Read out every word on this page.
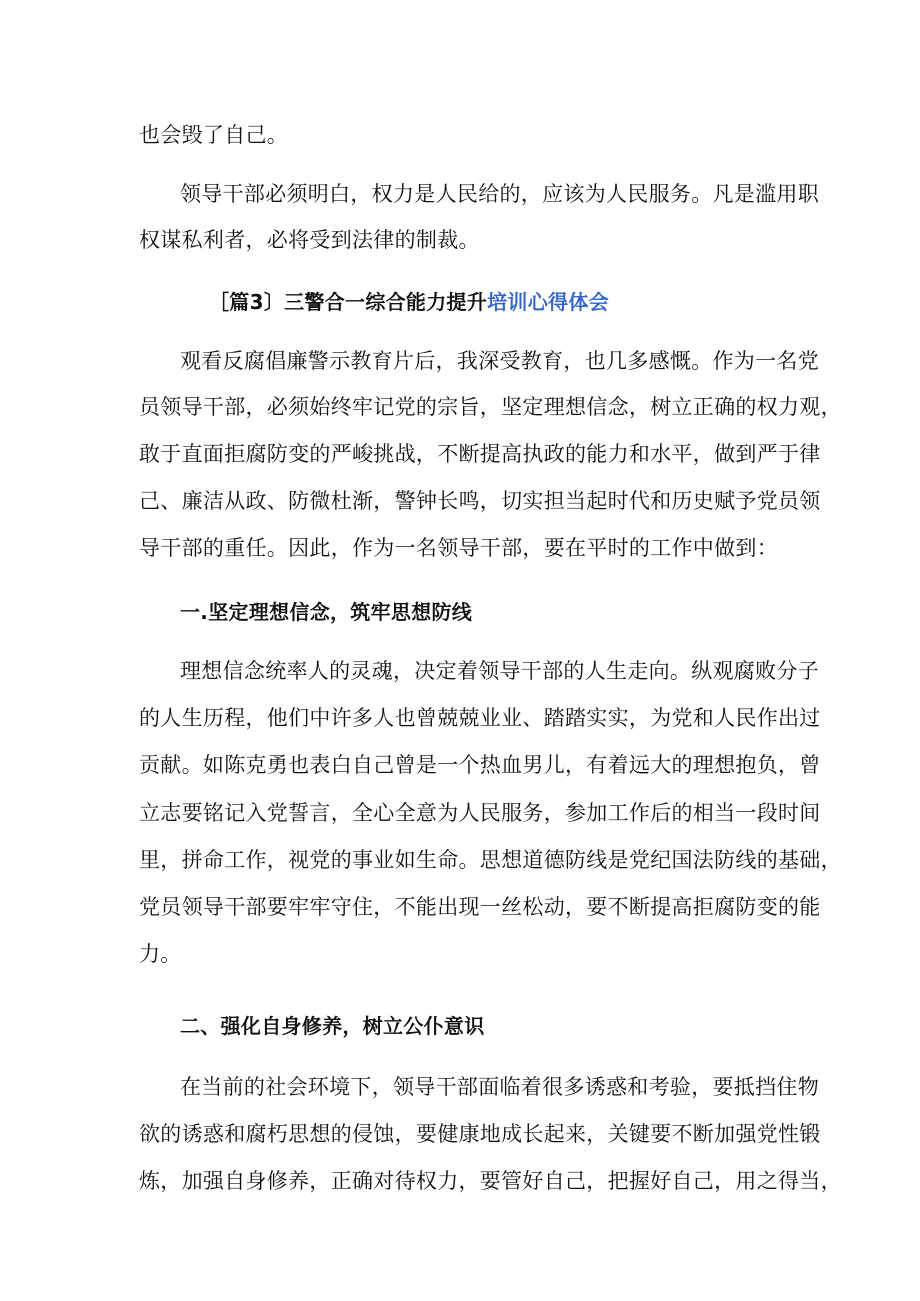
也会毁了自己。
领导干部必须明白，权力是人民给的，应该为人民服务。凡是滥用职
权谋私利者，必将受到法律的制裁。
［篇3〕三警合一综合能力提升培训心得体会
观看反腐倡廉警示教育片后，我深受教育，也几多感慨。作为一名党
员领导干部，必须始终牢记党的宗旨，坚定理想信念，树立正确的权力观，
敢于直面拒腐防变的严峻挑战，不断提高执政的能力和水平，做到严于律
己、廉洁从政、防微杜渐，警钟长鸣，切实担当起时代和历史赋予党员领
导干部的重任。因此，作为一名领导干部，要在平时的工作中做到：
一.坚定理想信念，筑牢思想防线
理想信念统率人的灵魂，决定着领导干部的人生走向。纵观腐败分子
的人生历程，他们中许多人也曾兢兢业业、踏踏实实，为党和人民作出过
贡献。如陈克勇也表白自己曾是一个热血男儿，有着远大的理想抱负，曾
立志要铭记入党誓言，全心全意为人民服务，参加工作后的相当一段时间
里，拼命工作，视党的事业如生命。思想道德防线是党纪国法防线的基础，
党员领导干部要牢牢守住，不能出现一丝松动，要不断提高拒腐防变的能
力。
二、强化自身修养，树立公仆意识
在当前的社会环境下，领导干部面临着很多诱惑和考验，要抵挡住物
欲的诱惑和腐朽思想的侵蚀，要健康地成长起来，关键要不断加强党性锻
炼，加强自身修养，正确对待权力，要管好自己，把握好自己，用之得当，
